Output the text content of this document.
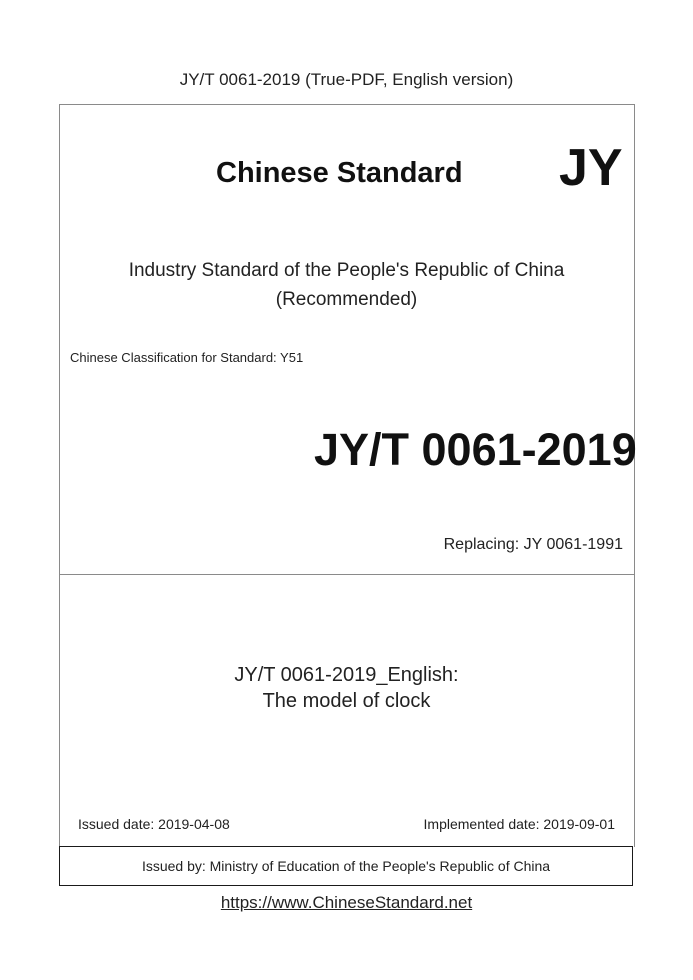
JY/T 0061-2019 (True-PDF, English version)
Chinese Standard JY
Industry Standard of the People's Republic of China
(Recommended)
Chinese Classification for Standard: Y51
JY/T 0061-2019
Replacing: JY 0061-1991
JY/T 0061-2019_English:
The model of clock
Issued date: 2019-04-08	Implemented date: 2019-09-01
Issued by: Ministry of Education of the People's Republic of China
https://www.ChineseStandard.net
